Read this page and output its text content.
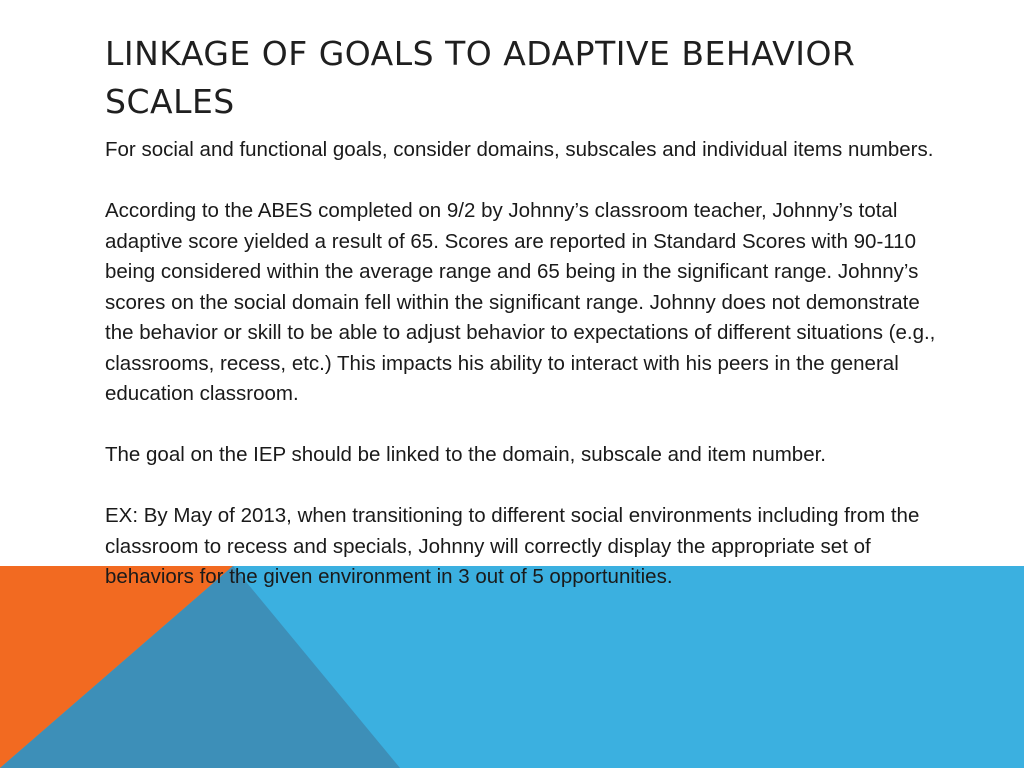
LINKAGE OF GOALS TO ADAPTIVE BEHAVIOR SCALES

For social and functional goals, consider domains, subscales and individual items numbers.

According to the ABES completed on 9/2 by Johnny’s classroom teacher, Johnny’s total adaptive score yielded a result of 65. Scores are reported in Standard Scores with 90-110 being considered within the average range and 65 being in the significant range. Johnny’s scores on the social domain fell within the significant range. Johnny does not demonstrate the behavior or skill to be able to adjust behavior to expectations of different situations (e.g., classrooms, recess, etc.) This impacts his ability to interact with his peers in the general education classroom.

The goal on the IEP should be linked to the domain, subscale and item number.

EX: By May of 2013, when transitioning to different social environments including from the classroom to recess and specials, Johnny will correctly display the appropriate set of behaviors for the given environment in 3 out of 5 opportunities.
